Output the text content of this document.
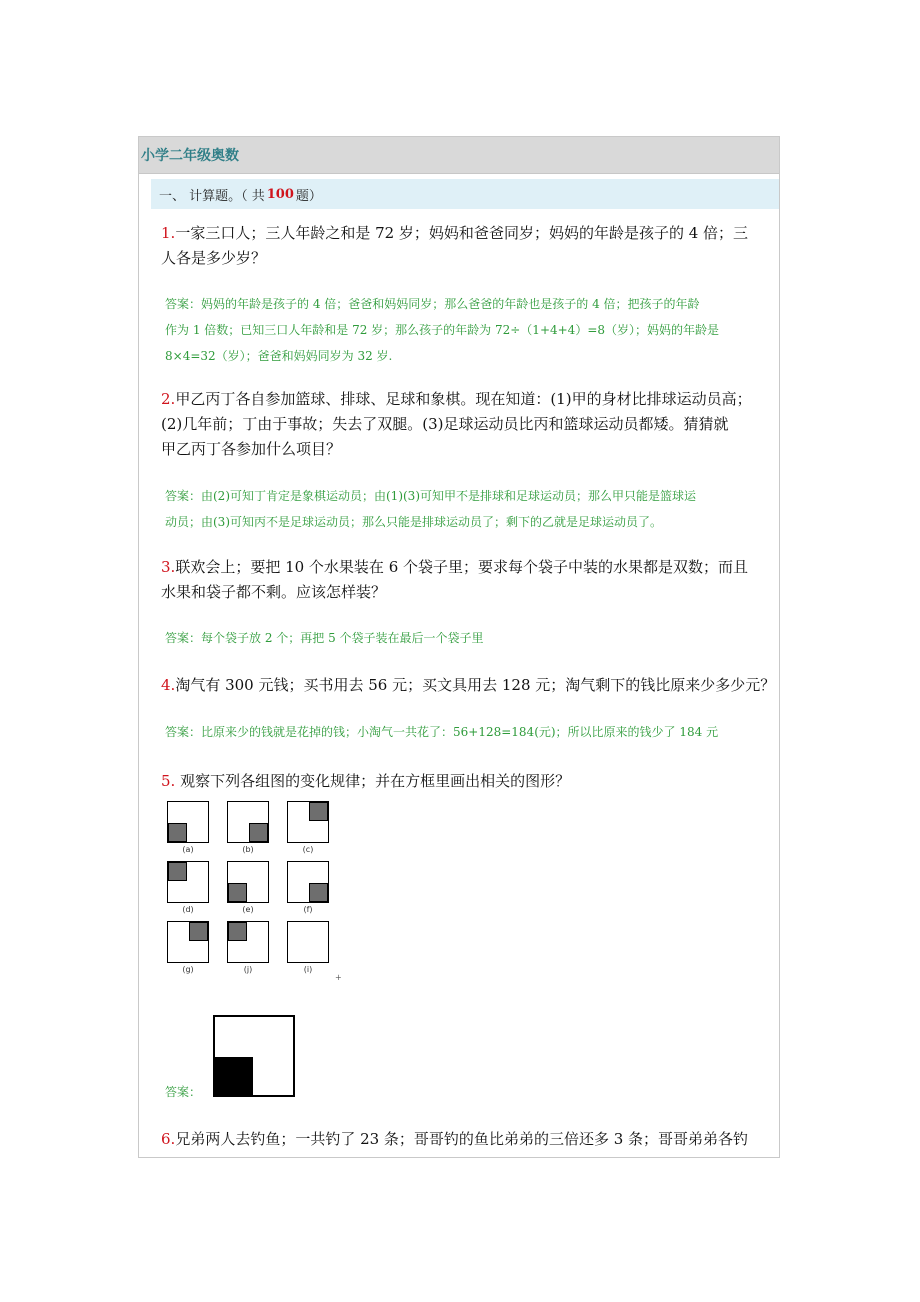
小学二年级奥数
一、 计算题。（ 共 100 题）
1.一家三口人；三人年龄之和是 72 岁；妈妈和爸爸同岁；妈妈的年龄是孩子的 4 倍；三
人各是多少岁？
答案：妈妈的年龄是孩子的 4 倍；爸爸和妈妈同岁；那么爸爸的年龄也是孩子的 4 倍；把孩子的年龄
作为 1 倍数；已知三口人年龄和是 72 岁；那么孩子的年龄为 72÷（1+4+4）=8（岁）；妈妈的年龄是
8×4=32（岁）；爸爸和妈妈同岁为 32 岁.
2.甲乙丙丁各自参加篮球、排球、足球和象棋。现在知道：(1)甲的身材比排球运动员高；
(2)几年前；丁由于事故；失去了双腿。(3)足球运动员比丙和篮球运动员都矮。猜猜就
甲乙丙丁各参加什么项目？
答案：由(2)可知丁肯定是象棋运动员；由(1)(3)可知甲不是排球和足球运动员；那么甲只能是篮球运
动员；由(3)可知丙不是足球运动员；那么只能是排球运动员了；剩下的乙就是足球运动员了。
3.联欢会上；要把 10 个水果装在 6 个袋子里；要求每个袋子中装的水果都是双数；而且
水果和袋子都不剩。应该怎样装？
答案：每个袋子放 2 个；再把 5 个袋子装在最后一个袋子里
4.淘气有 300 元钱；买书用去 56 元；买文具用去 128 元；淘气剩下的钱比原来少多少元？
答案：比原来少的钱就是花掉的钱；小淘气一共花了：56+128=184(元)；所以比原来的钱少了 184 元
5. 观察下列各组图的变化规律；并在方框里画出相关的图形？
(a)	(b)	(c)
(d)	(e)	(f)
(g)	(j)	(i)
+
答案：
6.兄弟两人去钓鱼；一共钓了 23 条；哥哥钓的鱼比弟弟的三倍还多 3 条；哥哥弟弟各钓
